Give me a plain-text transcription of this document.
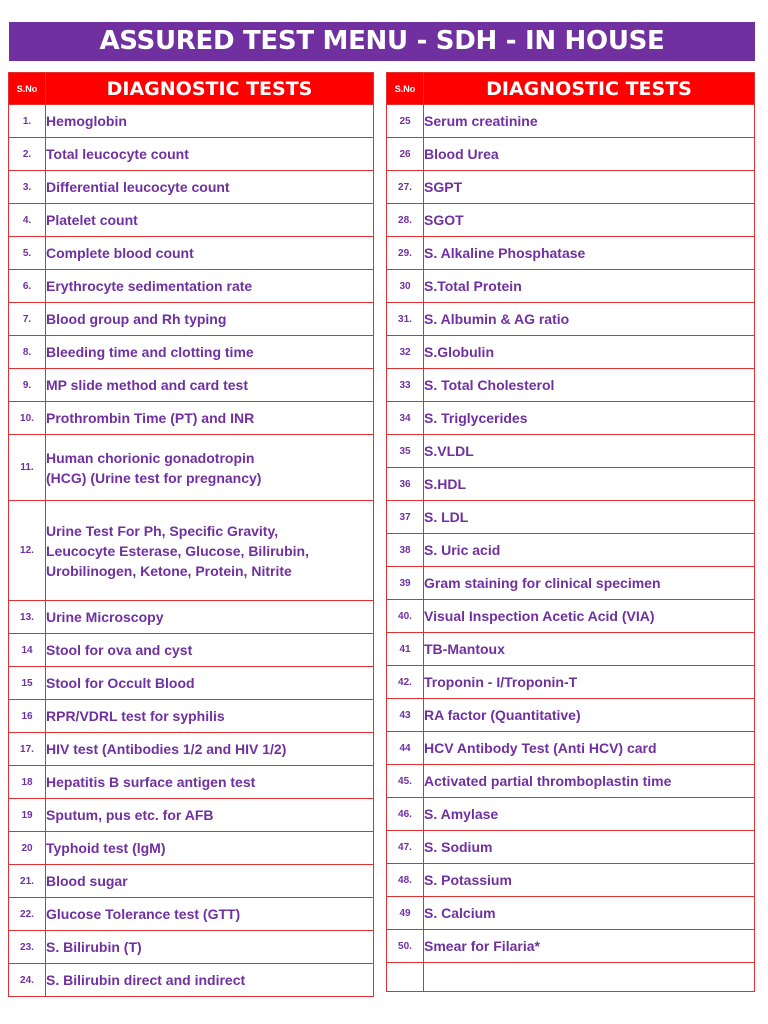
ASSURED TEST MENU - SDH - IN HOUSE
S.No	DIAGNOSTIC TESTS
1.	Hemoglobin

2.	Total leucocyte count

3.	Differential leucocyte count

4.	Platelet count

5.	Complete blood count

6.	Erythrocyte sedimentation rate

7.	Blood group and Rh typing

8.	Bleeding time and clotting time

9.	MP slide method and card test

10.	Prothrombin Time (PT) and INR

11.	Human chorionic gonadotropin
(HCG) (Urine test for pregnancy)

12.	Urine Test For Ph, Specific Gravity,
Leucocyte Esterase, Glucose, Bilirubin,
Urobilinogen, Ketone, Protein, Nitrite

13.	Urine Microscopy

14	Stool for ova and cyst

15	Stool for Occult Blood

16	RPR/VDRL test for syphilis

17.	HIV test (Antibodies 1/2 and HIV 1/2)

18	Hepatitis B surface antigen test

19	Sputum, pus etc. for AFB

20	Typhoid test (lgM)

21.	Blood sugar

22.	Glucose Tolerance test (GTT)

23.	S. Bilirubin (T)

24.	S. Bilirubin direct and indirect
S.No	DIAGNOSTIC TESTS
25	Serum creatinine

26	Blood Urea

27.	SGPT

28.	SGOT

29.	S. Alkaline Phosphatase

30	S.Total Protein

31.	S. Albumin & AG ratio

32	S.Globulin

33	S. Total Cholesterol

34	S. Triglycerides

35	S.VLDL

36	S.HDL

37	S. LDL

38	S. Uric acid

39	Gram staining for clinical specimen

40.	Visual Inspection Acetic Acid (VIA)

41	TB-Mantoux

42.	Troponin - I/Troponin-T

43	RA factor (Quantitative)

44	HCV Antibody Test (Anti HCV) card

45.	Activated partial thromboplastin time

46.	S. Amylase

47.	S. Sodium

48.	S. Potassium

49	S. Calcium

50.	Smear for Filaria*
